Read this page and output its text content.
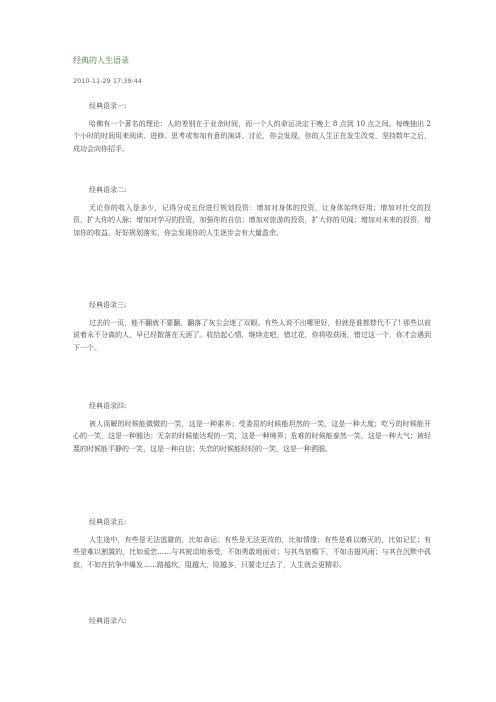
经典的人生语录
2010-11-29 17:39:44
经典语录一:
哈佛有一个著名的理论：人的差别在于业余时间，而一个人的命运决定于晚上 8 点到 10 点之间。每晚抽出 2 个小时的时间用来阅读、进修、思考或参加有意的演讲、讨论，你会发现，你的人生正在发生改变，坚持数年之后，成功会向你招手。
经典语录二:
无论你的收入是多少，记得分成五份进行规划投资：增加对身体的投资，让身体始终好用；增加对社交的投资，扩大你的人脉；增加对学习的投资，加强你的自信；增加对旅游的投资，扩大你的见闻；增加对未来的投资，增加你的收益。好好规划落实，你会发现你的人生逐步会有大量盈余。
经典语录三:
过去的一页，能不翻就不要翻，翻落了灰尘会迷了双眼。有些人说不出哪里好，但就是谁都替代不了! 那些以前说着永不分离的人，早已经散落在天涯了。收拾起心情，继续走吧，错过花，你将收获雨，错过这一个，你才会遇到下一个。
经典语录四:
被人误解的时候能微微的一笑，这是一种素养；受委屈的时候能坦然的一笑，这是一种大度；吃亏的时候能开心的一笑，这是一种豁达；无奈的时候能达观的一笑，这是一种境界；危难的时候能泰然一笑，这是一种大气；被轻蔑的时候能平静的一笑，这是一种自信；失恋的时候能轻轻的一笑，这是一种洒脱。
经典语录五:
人生途中，有些是无法逃避的，比如命运；有些是无法更改的，比如情缘；有些是难以磨灭的，比如记忆；有些是难以割置的，比如爱恋……与其被动地承受，不如勇敢地面对；与其鸟宿檐下，不如击翅风雨；与其在沉默中孤寂，不如在抗争中爆发……路越坎，阻越大，险越多，只要走过去了，人生就会更精彩。
经典语录六:
